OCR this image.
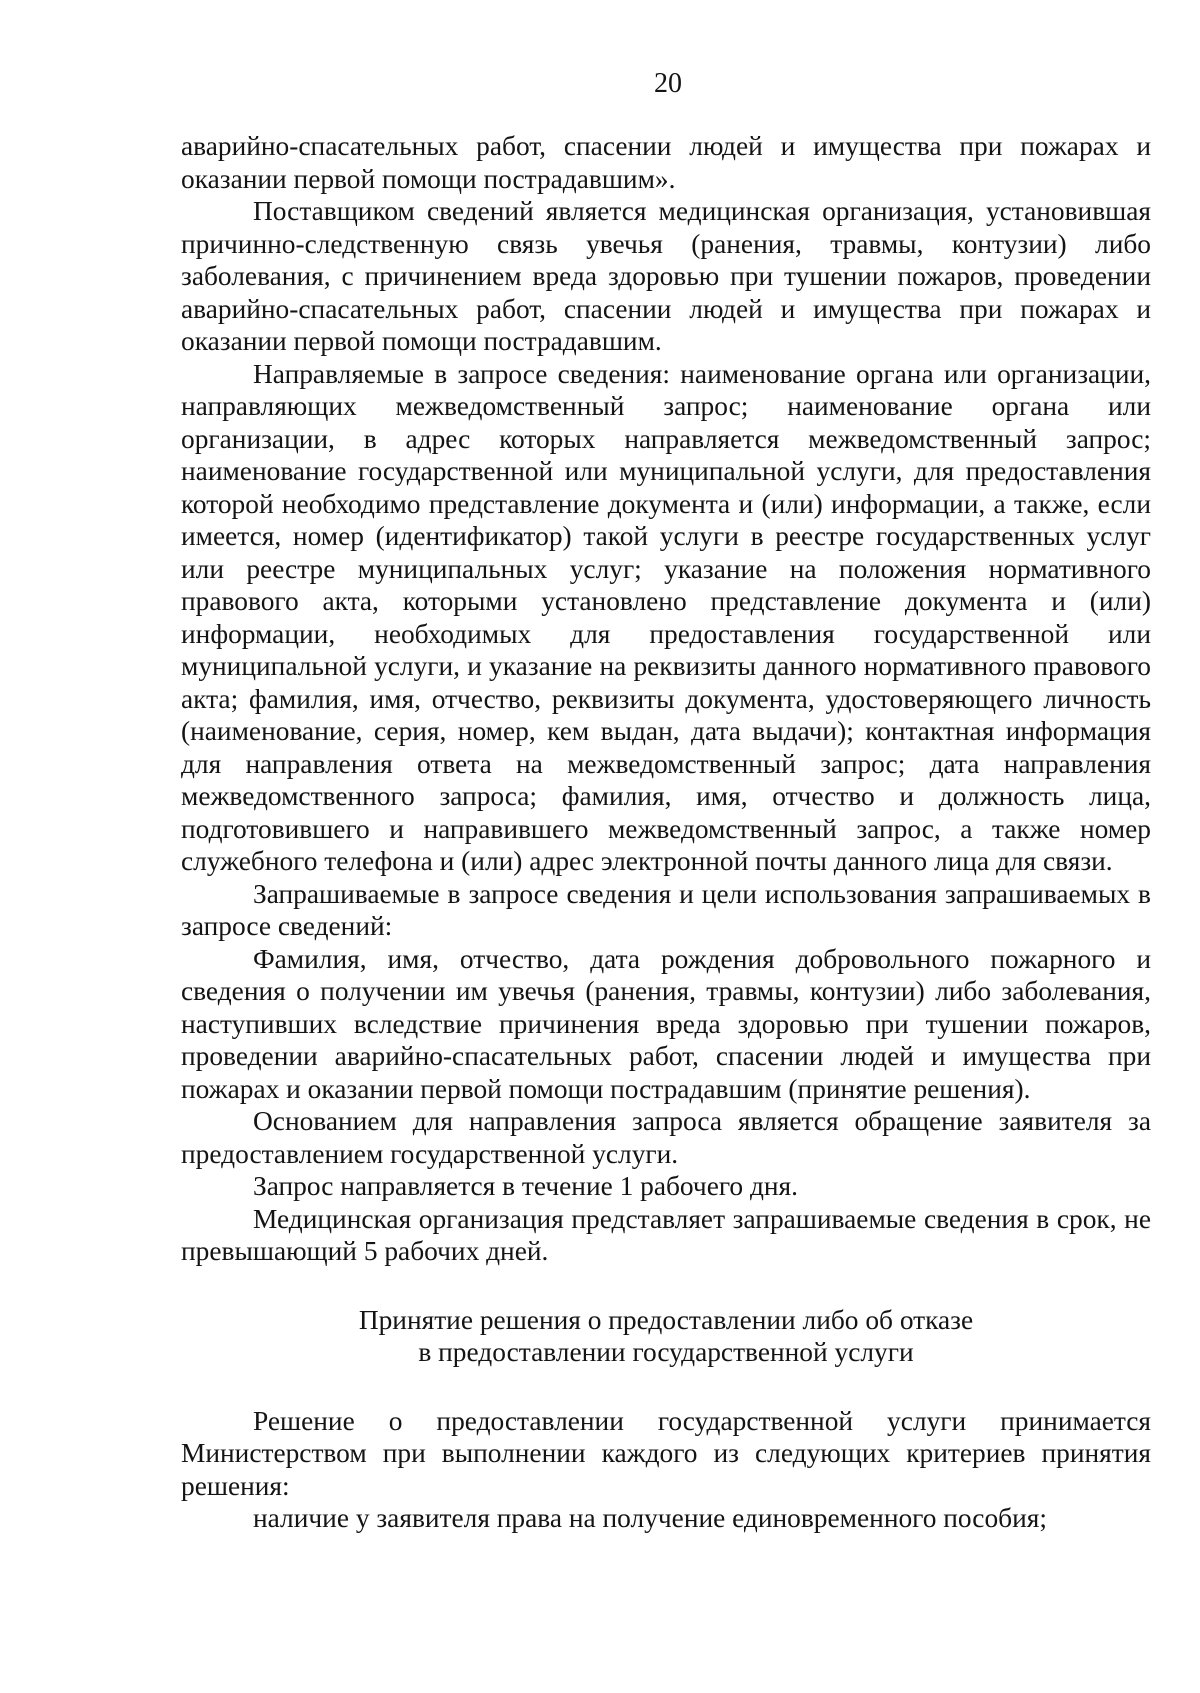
20

аварийно-спасательных работ, спасении людей и имущества при пожарах и оказании первой помощи пострадавшим».

Поставщиком сведений является медицинская организация, установившая причинно-следственную связь увечья (ранения, травмы, контузии) либо заболевания, с причинением вреда здоровью при тушении пожаров, проведении аварийно-спасательных работ, спасении людей и имущества при пожарах и оказании первой помощи пострадавшим.

Направляемые в запросе сведения: наименование органа или организации, направляющих межведомственный запрос; наименование органа или организации, в адрес которых направляется межведомственный запрос; наименование государственной или муниципальной услуги, для предоставления которой необходимо представление документа и (или) информации, а также, если имеется, номер (идентификатор) такой услуги в реестре государственных услуг или реестре муниципальных услуг; указание на положения нормативного правового акта, которыми установлено представление документа и (или) информации, необходимых для предоставления государственной или муниципальной услуги, и указание на реквизиты данного нормативного правового акта; фамилия, имя, отчество, реквизиты документа, удостоверяющего личность (наименование, серия, номер, кем выдан, дата выдачи); контактная информация для направления ответа на межведомственный запрос; дата направления межведомственного запроса; фамилия, имя, отчество и должность лица, подготовившего и направившего межведомственный запрос, а также номер служебного телефона и (или) адрес электронной почты данного лица для связи.

Запрашиваемые в запросе сведения и цели использования запрашиваемых в запросе сведений:

Фамилия, имя, отчество, дата рождения добровольного пожарного и сведения о получении им увечья (ранения, травмы, контузии) либо заболевания, наступивших вследствие причинения вреда здоровью при тушении пожаров, проведении аварийно-спасательных работ, спасении людей и имущества при пожарах и оказании первой помощи пострадавшим (принятие решения).

Основанием для направления запроса является обращение заявителя за предоставлением государственной услуги.

Запрос направляется в течение 1 рабочего дня.

Медицинская организация представляет запрашиваемые сведения в срок, не превышающий 5 рабочих дней.

Принятие решения о предоставлении либо об отказе
в предоставлении государственной услуги

Решение о предоставлении государственной услуги принимается Министерством при выполнении каждого из следующих критериев принятия решения:

наличие у заявителя права на получение единовременного пособия;
